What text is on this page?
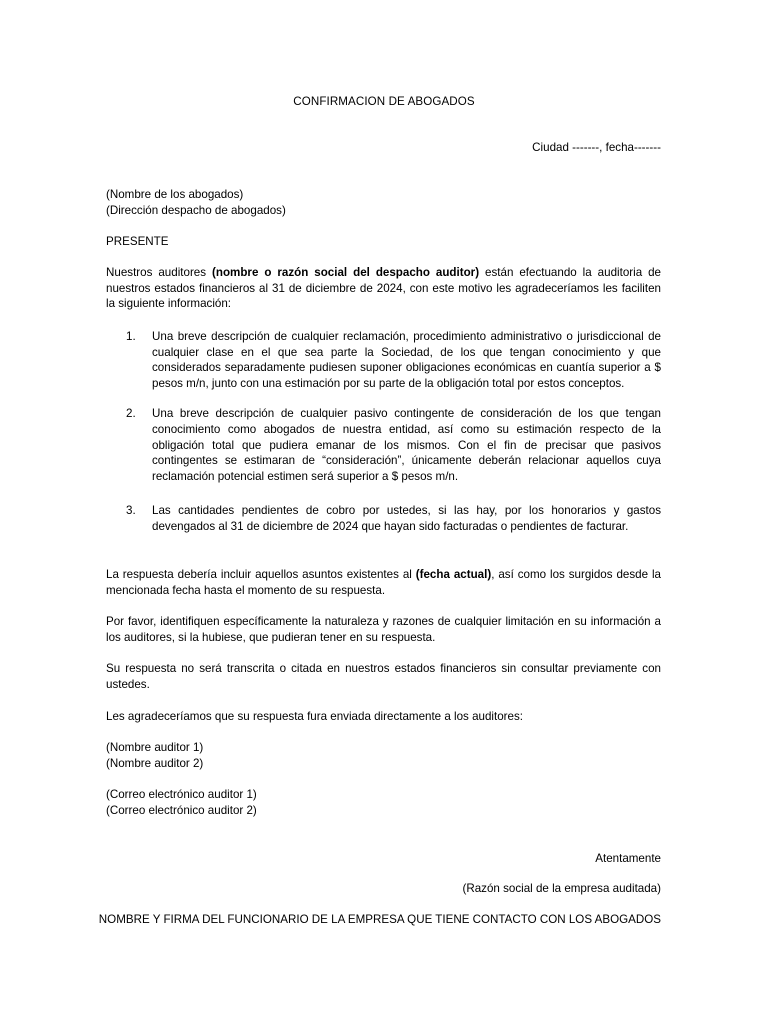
CONFIRMACION DE ABOGADOS
Ciudad -------, fecha-------
(Nombre de los abogados)
(Dirección despacho de abogados)
PRESENTE
Nuestros auditores (nombre o razón social del despacho auditor) están efectuando la auditoria de nuestros estados financieros al 31 de diciembre de 2024, con este motivo les agradeceríamos les faciliten la siguiente información:
1. Una breve descripción de cualquier reclamación, procedimiento administrativo o jurisdiccional de cualquier clase en el que sea parte la Sociedad, de los que tengan conocimiento y que considerados separadamente pudiesen suponer obligaciones económicas en cuantía superior a $ pesos m/n, junto con una estimación por su parte de la obligación total por estos conceptos.
2. Una breve descripción de cualquier pasivo contingente de consideración de los que tengan conocimiento como abogados de nuestra entidad, así como su estimación respecto de la obligación total que pudiera emanar de los mismos. Con el fin de precisar que pasivos contingentes se estimaran de “consideración”, únicamente deberán relacionar aquellos cuya reclamación potencial estimen será superior a $ pesos m/n.
3. Las cantidades pendientes de cobro por ustedes, si las hay, por los honorarios y gastos devengados al 31 de diciembre de 2024 que hayan sido facturadas o pendientes de facturar.
La respuesta debería incluir aquellos asuntos existentes al (fecha actual), así como los surgidos desde la mencionada fecha hasta el momento de su respuesta.
Por favor, identifiquen específicamente la naturaleza y razones de cualquier limitación en su información a los auditores, si la hubiese, que pudieran tener en su respuesta.
Su respuesta no será transcrita o citada en nuestros estados financieros sin consultar previamente con ustedes.
Les agradeceríamos que su respuesta fura enviada directamente a los auditores:
(Nombre auditor 1)
(Nombre auditor 2)
(Correo electrónico auditor 1)
(Correo electrónico auditor 2)
Atentamente
(Razón social de la empresa auditada)
NOMBRE Y FIRMA DEL FUNCIONARIO DE LA EMPRESA QUE TIENE CONTACTO CON LOS ABOGADOS
